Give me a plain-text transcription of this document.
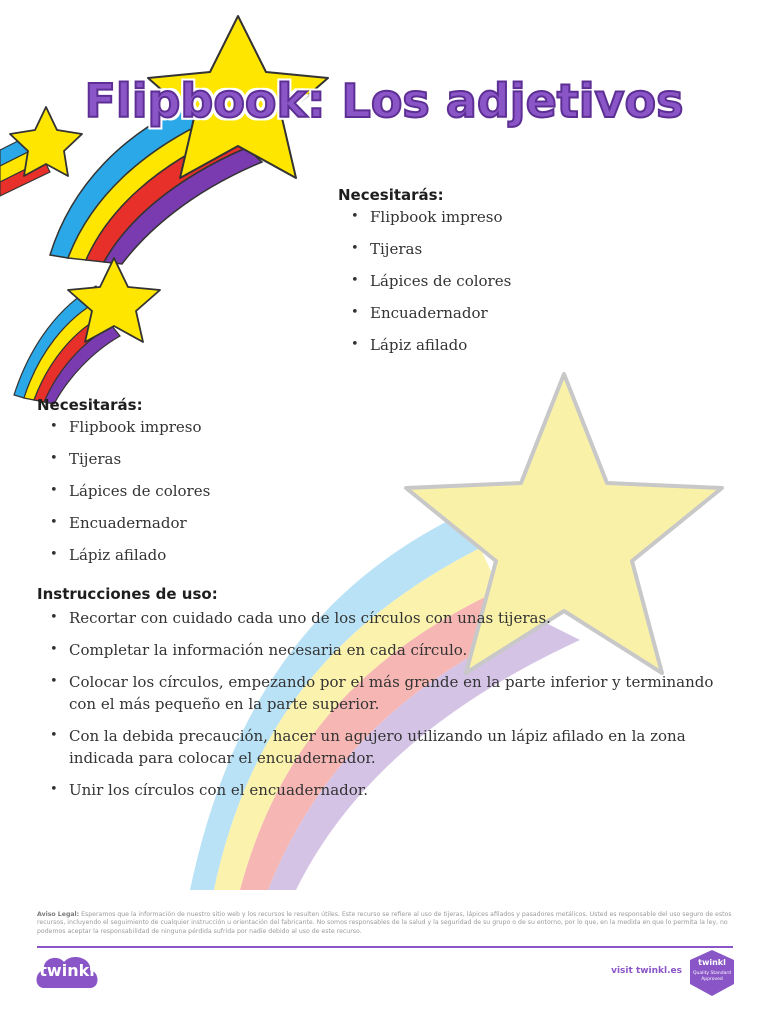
Flipbook: Los adjetivos

Necesitarás:

• Flipbook impreso
• Tijeras
• Lápices de colores
• Encuadernador
• Lápiz afilado

Necesitarás:

• Flipbook impreso
• Tijeras
• Lápices de colores
• Encuadernador
• Lápiz afilado

Instrucciones de uso:

• Recortar con cuidado cada uno de los círculos con unas tijeras.
• Completar la información necesaria en cada círculo.
• Colocar los círculos, empezando por el más grande en la parte inferior y terminando con el más pequeño en la parte superior.
• Con la debida precaución, hacer un agujero utilizando un lápiz afilado en la zona indicada para colocar el encuadernador.
• Unir los círculos con el encuadernador.
Aviso Legal: Esperamos que la información de nuestro sitio web y los recursos le resulten útiles. Este recurso se refiere al uso de tijeras, lápices afilados y pasadores metálicos. Usted es responsable del uso seguro de estos recursos, incluyendo el seguimiento de cualquier instrucción u orientación del fabricante. No somos responsables de la salud y la seguridad de su grupo o de su entorno, por lo que, en la medida en que lo permita la ley, no podemos aceptar la responsabilidad de ninguna pérdida sufrida por nadie debido al uso de este recurso.
twinkl	visit twinkl.es
twinkl
Quality Standard Approved
